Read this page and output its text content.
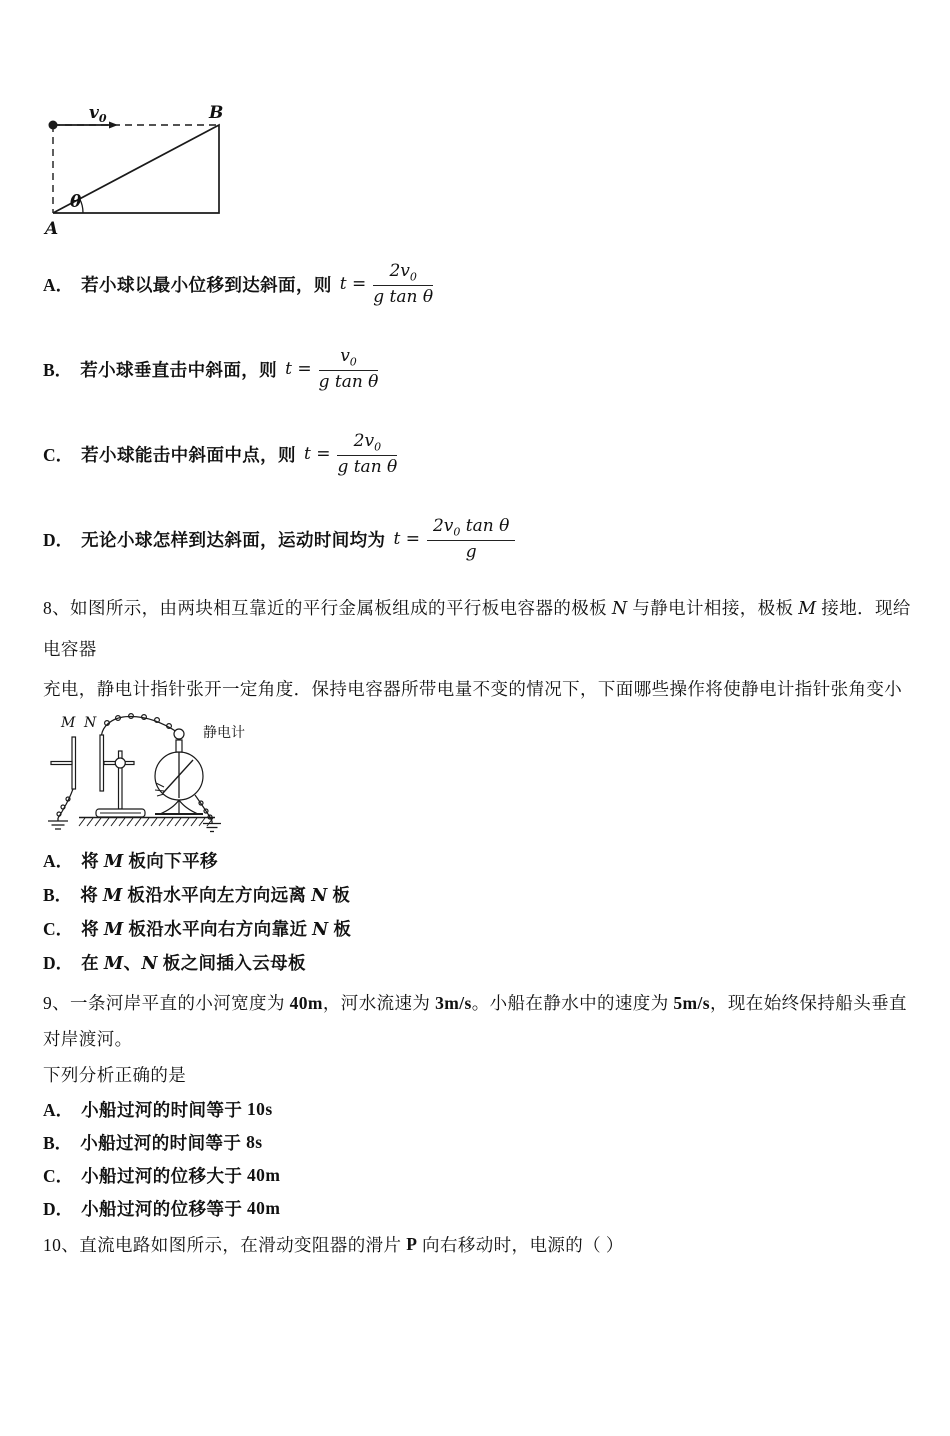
$v_0$	B
θ
A
A． 若小球以最小位移到达斜面，则 $t = \frac{2v_0}{\text{g tan θ}}$
B． 若小球垂直击中斜面，则 $t = \frac{v_0}{\text{g tan θ}}$
C． 若小球能击中斜面中点，则 $t = \frac{2v_0}{\text{g tan θ}}$
D． 无论小球怎样到达斜面，运动时间均为 $t = \frac{2v_0 \tan \theta}{g}$

8、如图所示，由两块相互靠近的平行金属板组成的平行板电容器的极板 N 与静电计相接，极板 M 接地．现给电容器
充电，静电计指针张开一定角度．保持电容器所带电量不变的情况下，下面哪些操作将使静电计指针张角变小

M N
静电计
A． 将 M 板向下平移
B． 将 M 板沿水平向左方向远离 N 板
C． 将 M 板沿水平向右方向靠近 N 板
D． 在 M、N 板之间插入云母板

9、一条河岸平直的小河宽度为 40m，河水流速为 3m/s。小船在静水中的速度为 5m/s，现在始终保持船头垂直对岸渡河。
下列分析正确的是

A． 小船过河的时间等于 10s
B． 小船过河的时间等于 8s
C． 小船过河的位移大于 40m
D． 小船过河的位移等于 40m
10、直流电路如图所示，在滑动变阻器的滑片 P 向右移动时，电源的（ ）
